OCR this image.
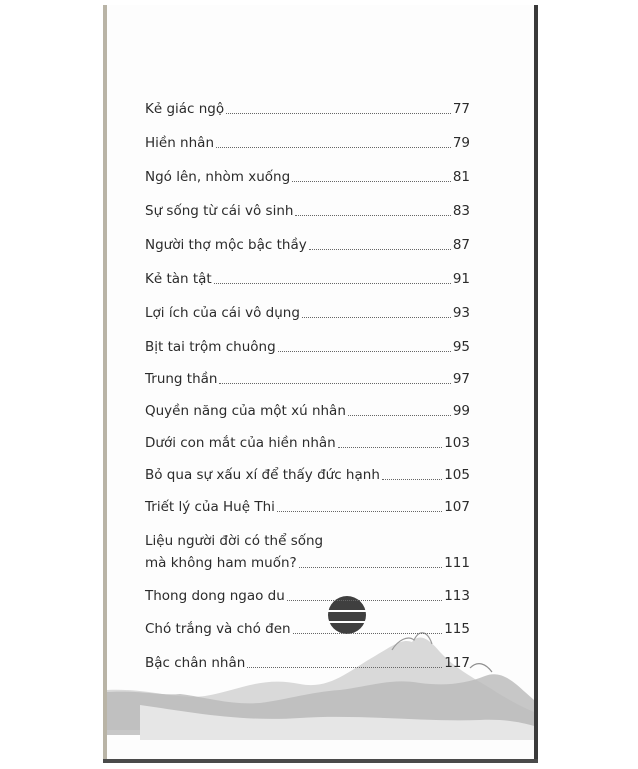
Kẻ giác ngộ	77
Hiền nhân	79
Ngó lên, nhòm xuống	81
Sự sống từ cái vô sinh	83
Người thợ mộc bậc thầy	87
Kẻ tàn tật	91
Lợi ích của cái vô dụng	93
Bịt tai trộm chuông	95
Trung thần	97
Quyền năng của một xú nhân	99
Dưới con mắt của hiền nhân	103
Bỏ qua sự xấu xí để thấy đức hạnh	105
Triết lý của Huệ Thi	107
Liệu người đời có thể sống
mà không ham muốn?	111
Thong dong ngao du	113
Chó trắng và chó đen	115
Bậc chân nhân	117
